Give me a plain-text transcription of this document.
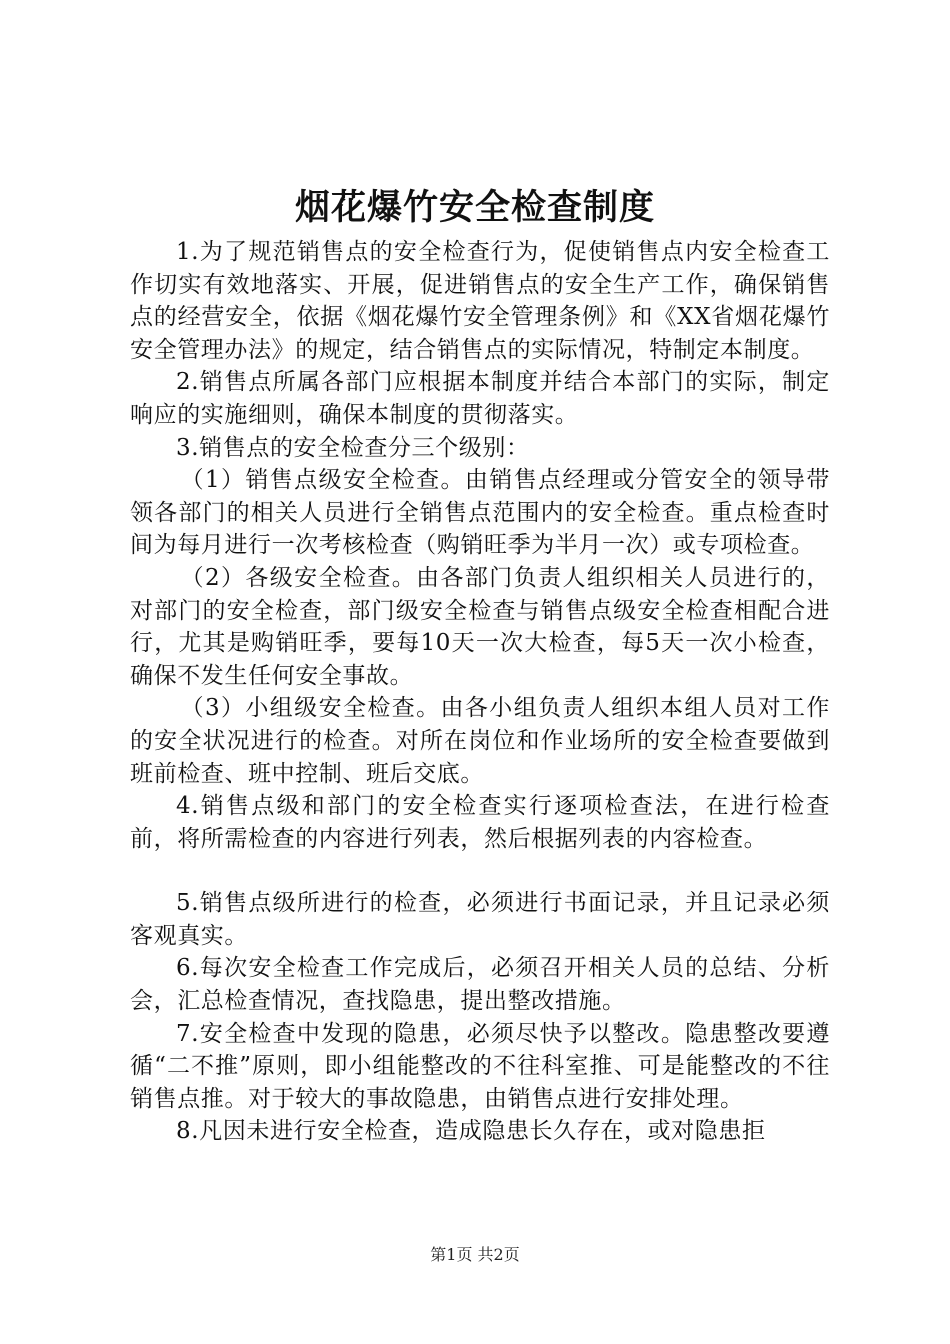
烟花爆竹安全检查制度

1.为了规范销售点的安全检查行为，促使销售点内安全检查工作切实有效地落实、开展，促进销售点的安全生产工作，确保销售点的经营安全，依据《烟花爆竹安全管理条例》和《XX省烟花爆竹安全管理办法》的规定，结合销售点的实际情况，特制定本制度。

2.销售点所属各部门应根据本制度并结合本部门的实际，制定响应的实施细则，确保本制度的贯彻落实。

3.销售点的安全检查分三个级别：

（1）销售点级安全检查。由销售点经理或分管安全的领导带领各部门的相关人员进行全销售点范围内的安全检查。重点检查时间为每月进行一次考核检查（购销旺季为半月一次）或专项检查。

（2）各级安全检查。由各部门负责人组织相关人员进行的，对部门的安全检查，部门级安全检查与销售点级安全检查相配合进行，尤其是购销旺季，要每10天一次大检查，每5天一次小检查，确保不发生任何安全事故。

（3）小组级安全检查。由各小组负责人组织本组人员对工作的安全状况进行的检查。对所在岗位和作业场所的安全检查要做到班前检查、班中控制、班后交底。

4.销售点级和部门的安全检查实行逐项检查法，在进行检查前，将所需检查的内容进行列表，然后根据列表的内容检查。

5.销售点级所进行的检查，必须进行书面记录，并且记录必须客观真实。

6.每次安全检查工作完成后，必须召开相关人员的总结、分析会，汇总检查情况，查找隐患，提出整改措施。

7.安全检查中发现的隐患，必须尽快予以整改。隐患整改要遵循“二不推”原则，即小组能整改的不往科室推、可是能整改的不往销售点推。对于较大的事故隐患，由销售点进行安排处理。

8.凡因未进行安全检查，造成隐患长久存在，或对隐患拒

第1页 共2页
